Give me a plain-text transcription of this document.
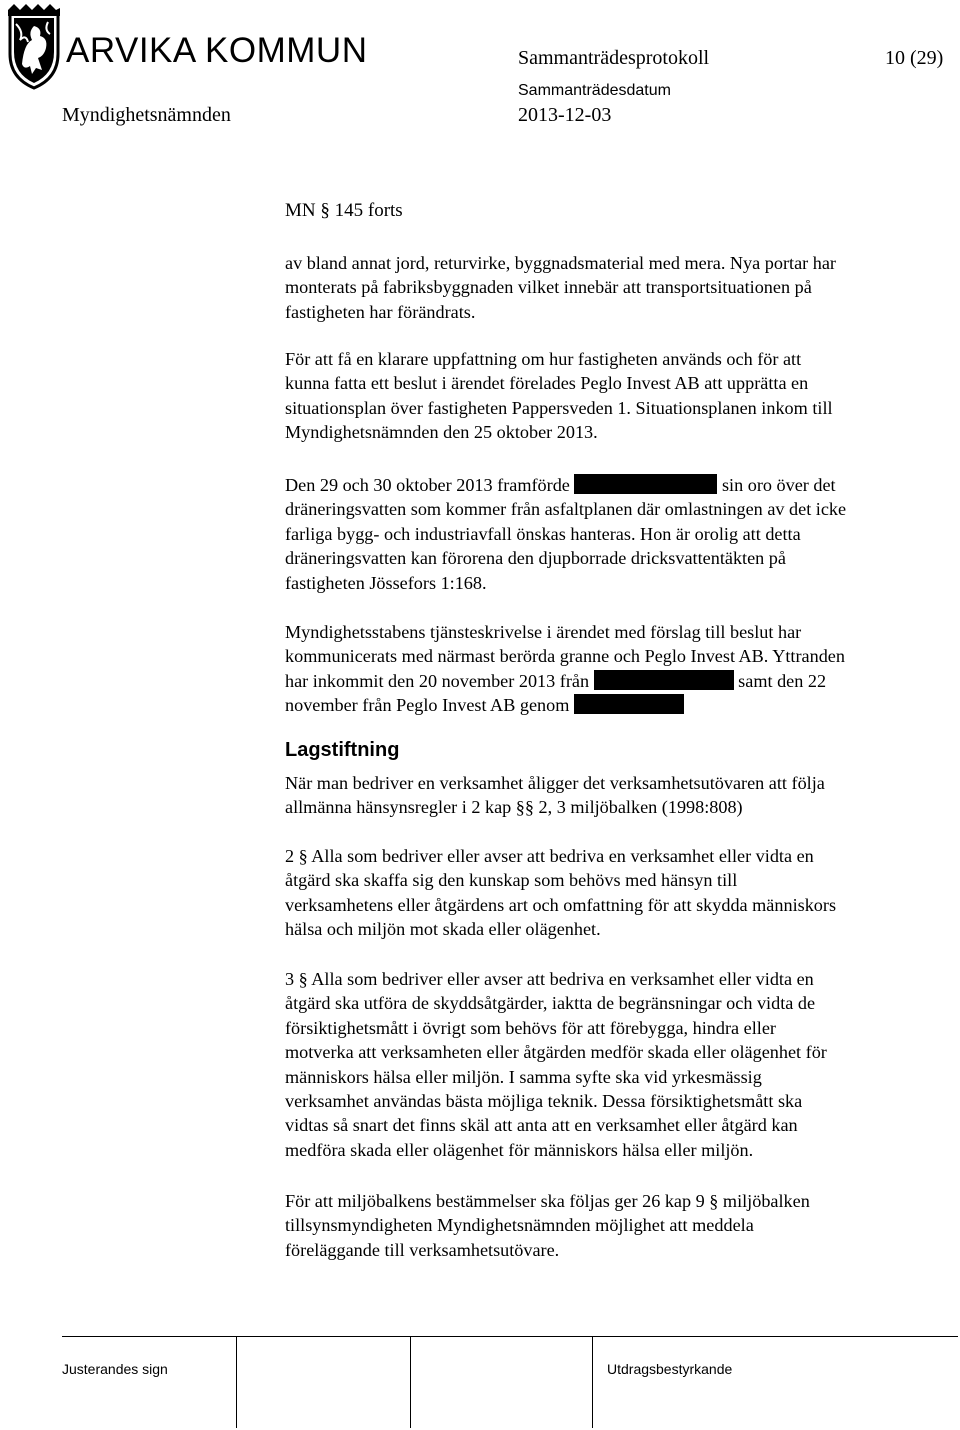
ARVIKA KOMMUN	Sammanträdesprotokoll	10 (29)
Sammanträdesdatum
Myndighetsnämnden	2013-12-03
MN § 145 forts
av bland annat jord, returvirke, byggnadsmaterial med mera. Nya portar har
monterats på fabriksbyggnaden vilket innebär att transportsituationen på
fastigheten har förändrats.
För att få en klarare uppfattning om hur fastigheten används och för att
kunna fatta ett beslut i ärendet förelades Peglo Invest AB att upprätta en
situationsplan över fastigheten Pappersveden 1. Situationsplanen inkom till
Myndighetsnämnden den 25 oktober 2013.
Den 29 och 30 oktober 2013 framförde	sin oro över det
dräneringsvatten som kommer från asfaltplanen där omlastningen av det icke
farliga bygg- och industriavfall önskas hanteras. Hon är orolig att detta
dräneringsvatten kan förorena den djupborrade dricksvattentäkten på
fastigheten Jössefors 1:168.
Myndighetsstabens tjänsteskrivelse i ärendet med förslag till beslut har
kommunicerats med närmast berörda granne och Peglo Invest AB. Yttranden
har inkommit den 20 november 2013 från	samt den 22
november från Peglo Invest AB genom
Lagstiftning
När man bedriver en verksamhet åligger det verksamhetsutövaren att följa
allmänna hänsynsregler i 2 kap §§ 2, 3 miljöbalken (1998:808)
2 § Alla som bedriver eller avser att bedriva en verksamhet eller vidta en
åtgärd ska skaffa sig den kunskap som behövs med hänsyn till
verksamhetens eller åtgärdens art och omfattning för att skydda människors
hälsa och miljön mot skada eller olägenhet.
3 § Alla som bedriver eller avser att bedriva en verksamhet eller vidta en
åtgärd ska utföra de skyddsåtgärder, iaktta de begränsningar och vidta de
försiktighetsmått i övrigt som behövs för att förebygga, hindra eller
motverka att verksamheten eller åtgärden medför skada eller olägenhet för
människors hälsa eller miljön. I samma syfte ska vid yrkesmässig
verksamhet användas bästa möjliga teknik. Dessa försiktighetsmått ska
vidtas så snart det finns skäl att anta att en verksamhet eller åtgärd kan
medföra skada eller olägenhet för människors hälsa eller miljön.
För att miljöbalkens bestämmelser ska följas ger 26 kap 9 § miljöbalken
tillsynsmyndigheten Myndighetsnämnden möjlighet att meddela
föreläggande till verksamhetsutövare.
Justerandes sign	Utdragsbestyrkande
